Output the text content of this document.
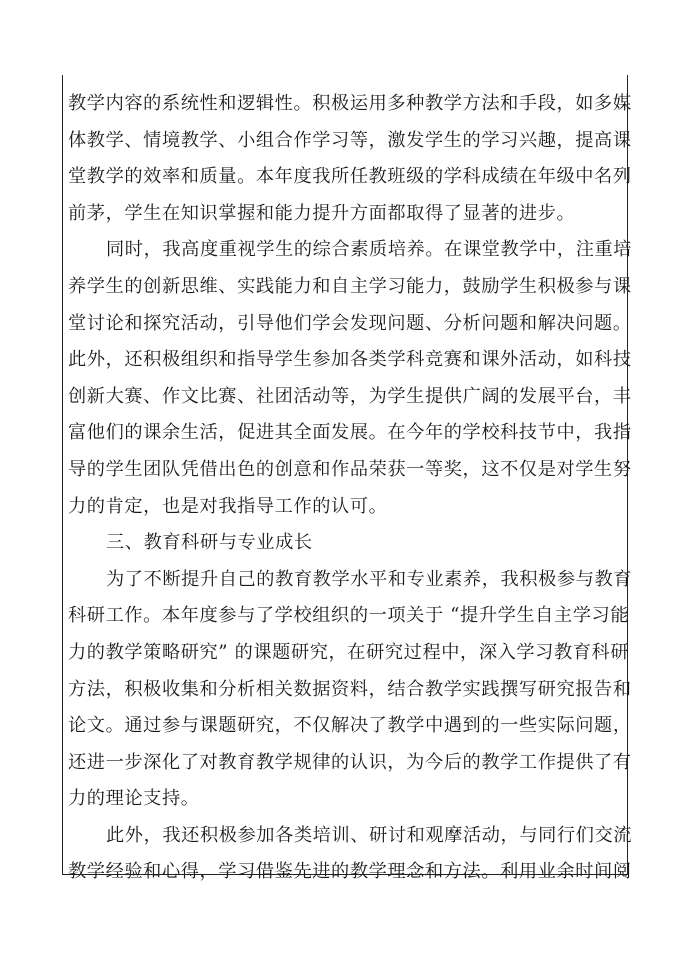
教学内容的系统性和逻辑性。积极运用多种教学方法和手段，如多媒
体教学、情境教学、小组合作学习等，激发学生的学习兴趣，提高课
堂教学的效率和质量。本年度我所任教班级的学科成绩在年级中名列
前茅，学生在知识掌握和能力提升方面都取得了显著的进步。
同时，我高度重视学生的综合素质培养。在课堂教学中，注重培
养学生的创新思维、实践能力和自主学习能力，鼓励学生积极参与课
堂讨论和探究活动，引导他们学会发现问题、分析问题和解决问题。
此外，还积极组织和指导学生参加各类学科竞赛和课外活动，如科技
创新大赛、作文比赛、社团活动等，为学生提供广阔的发展平台，丰
富他们的课余生活，促进其全面发展。在今年的学校科技节中，我指
导的学生团队凭借出色的创意和作品荣获一等奖，这不仅是对学生努
力的肯定，也是对我指导工作的认可。
三、教育科研与专业成长
为了不断提升自己的教育教学水平和专业素养，我积极参与教育
科研工作。本年度参与了学校组织的一项关于 “提升学生自主学习能
力的教学策略研究” 的课题研究，在研究过程中，深入学习教育科研
方法，积极收集和分析相关数据资料，结合教学实践撰写研究报告和
论文。通过参与课题研究，不仅解决了教学中遇到的一些实际问题，
还进一步深化了对教育教学规律的认识，为今后的教学工作提供了有
力的理论支持。
此外，我还积极参加各类培训、研讨和观摩活动，与同行们交流
教学经验和心得，学习借鉴先进的教学理念和方法。利用业余时间阅
